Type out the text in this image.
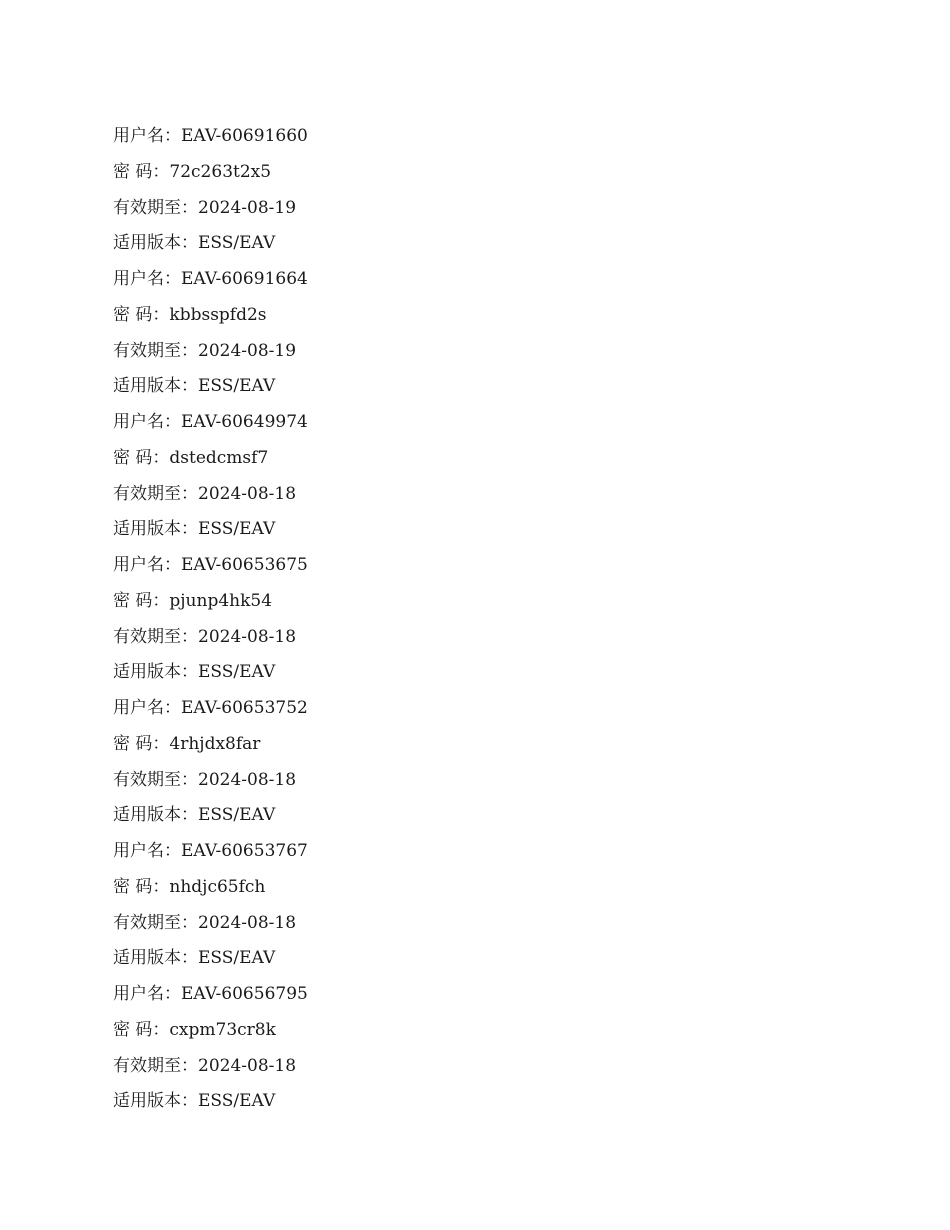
用户名：EAV-60691660
密 码：72c263t2x5
有效期至：2024-08-19
适用版本：ESS/EAV
用户名：EAV-60691664
密 码：kbbsspfd2s
有效期至：2024-08-19
适用版本：ESS/EAV
用户名：EAV-60649974
密 码：dstedcmsf7
有效期至：2024-08-18
适用版本：ESS/EAV
用户名：EAV-60653675
密 码：pjunp4hk54
有效期至：2024-08-18
适用版本：ESS/EAV
用户名：EAV-60653752
密 码：4rhjdx8far
有效期至：2024-08-18
适用版本：ESS/EAV
用户名：EAV-60653767
密 码：nhdjc65fch
有效期至：2024-08-18
适用版本：ESS/EAV
用户名：EAV-60656795
密 码：cxpm73cr8k
有效期至：2024-08-18
适用版本：ESS/EAV
